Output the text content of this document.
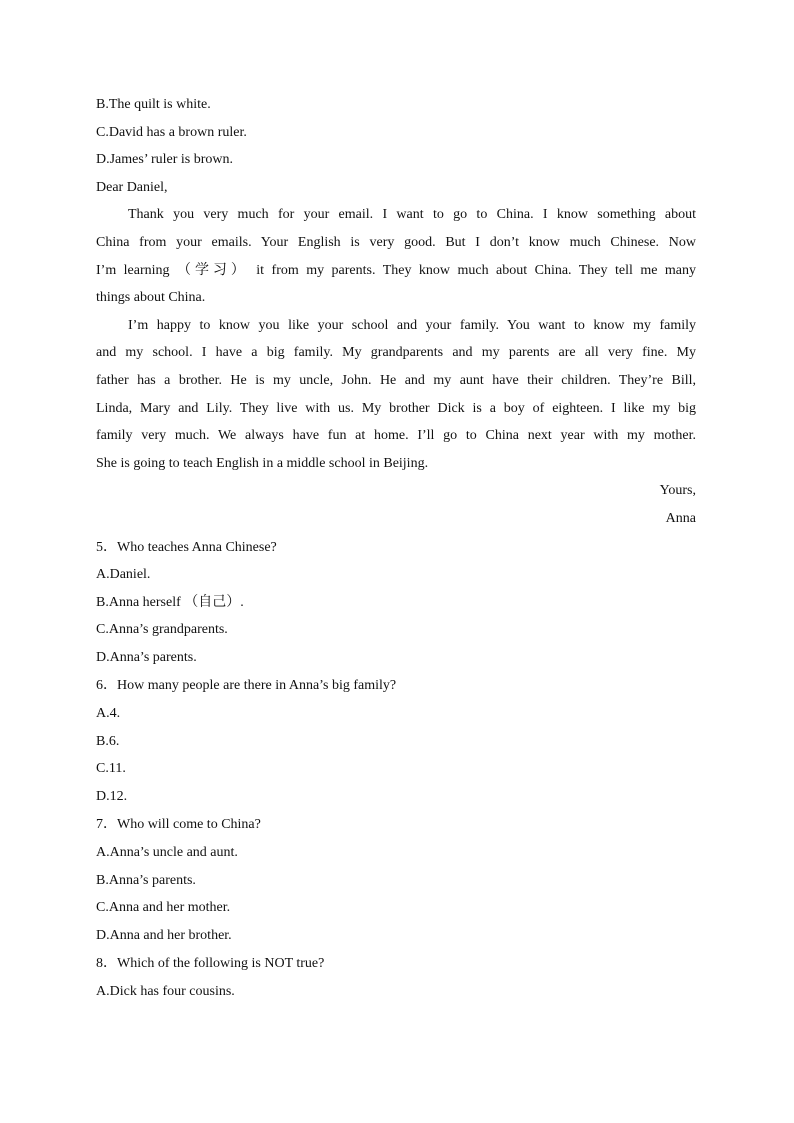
B.The quilt is white.
C.David has a brown ruler.
D.James’ ruler is brown.
Dear Daniel,
Thank you very much for your email. I want to go to China. I know something about
China from your emails. Your English is very good. But I don’t know much Chinese. Now
I’m learning （学习） it from my parents. They know much about China. They tell me many
things about China.
I’m happy to know you like your school and your family. You want to know my family
and my school. I have a big family. My grandparents and my parents are all very fine. My
father has a brother. He is my uncle, John. He and my aunt have their children. They’re Bill,
Linda, Mary and Lily. They live with us. My brother Dick is a boy of eighteen. I like my big
family very much. We always have fun at home. I’ll go to China next year with my mother.
She is going to teach English in a middle school in Beijing.
Yours,
Anna
5．Who teaches Anna Chinese?
A.Daniel.
B.Anna herself （自己）.
C.Anna’s grandparents.
D.Anna’s parents.
6．How many people are there in Anna’s big family?
A.4.
B.6.
C.11.
D.12.
7．Who will come to China?
A.Anna’s uncle and aunt.
B.Anna’s parents.
C.Anna and her mother.
D.Anna and her brother.
8．Which of the following is NOT true?
A.Dick has four cousins.
